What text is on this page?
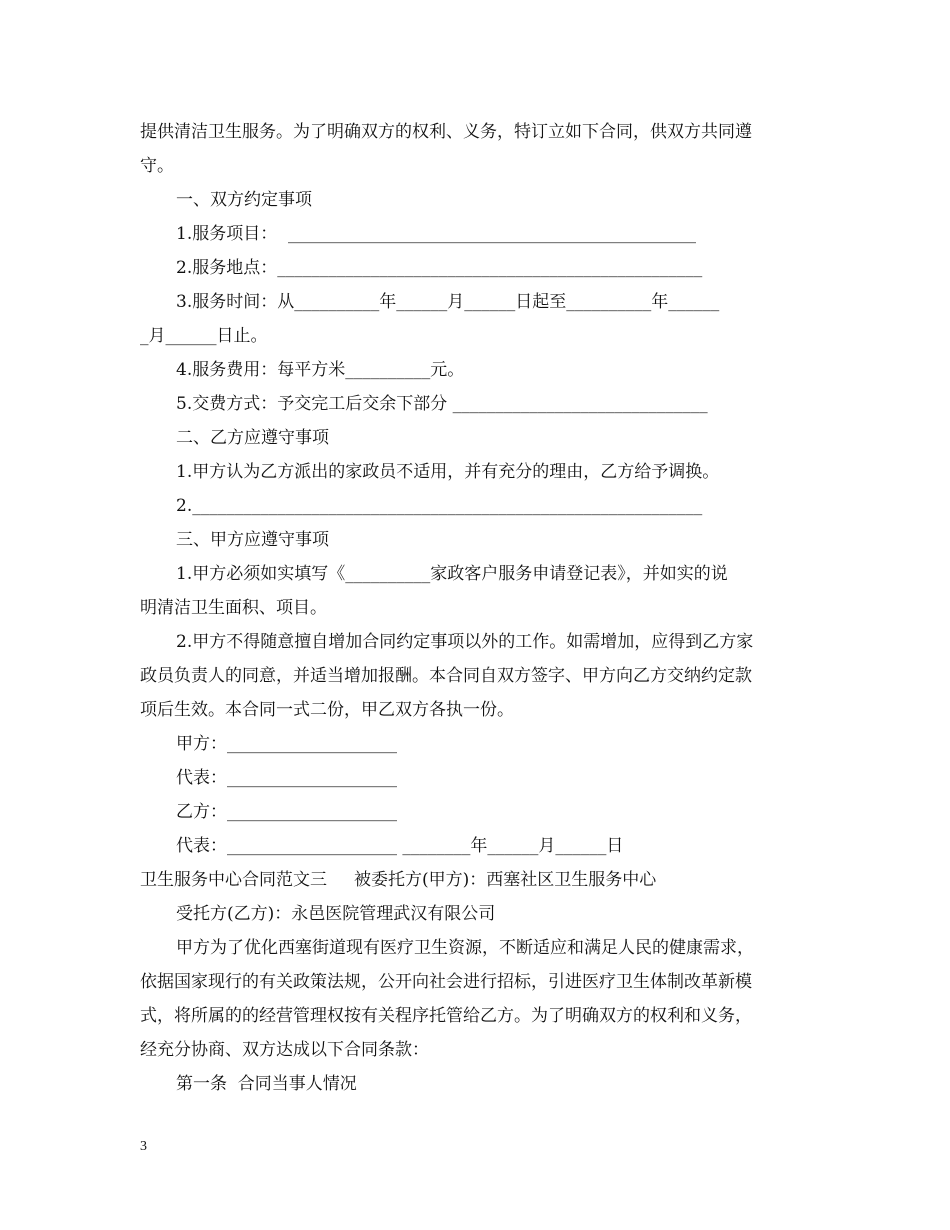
提供清洁卫生服务。为了明确双方的权利、义务，特订立如下合同，供双方共同遵
守。
一、双方约定事项
1.服务项目：  ________________________________________________
2.服务地点：__________________________________________________
3.服务时间：从__________年______月______日起至__________年______
_月______日止。
4.服务费用：每平方米__________元。
5.交费方式：予交完工后交余下部分 ______________________________
二、乙方应遵守事项
1.甲方认为乙方派出的家政员不适用，并有充分的理由，乙方给予调换。
2.____________________________________________________________
三、甲方应遵守事项
1.甲方必须如实填写《__________家政客户服务申请登记表》，并如实的说
明清洁卫生面积、项目。
2.甲方不得随意擅自增加合同约定事项以外的工作。如需增加，应得到乙方家
政员负责人的同意，并适当增加报酬。本合同自双方签字、甲方向乙方交纳约定款
项后生效。本合同一式二份，甲乙双方各执一份。
甲方：____________________
代表：____________________
乙方：____________________
代表：____________________ ________年______月______日
卫生服务中心合同范文三     被委托方(甲方)：西塞社区卫生服务中心
受托方(乙方)：永邑医院管理武汉有限公司
甲方为了优化西塞街道现有医疗卫生资源，不断适应和满足人民的健康需求，
依据国家现行的有关政策法规，公开向社会进行招标，引进医疗卫生体制改革新模
式，将所属的的经营管理权按有关程序托管给乙方。为了明确双方的权利和义务，
经充分协商、双方达成以下合同条款：
第一条  合同当事人情况
3
